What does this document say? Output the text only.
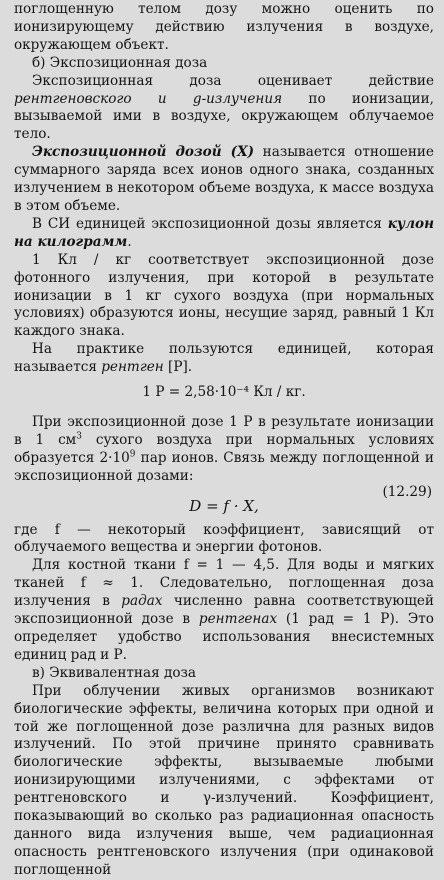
поглощенную телом дозу можно оценить по ионизирующему действию излучения в воздухе, окружающем объект.

б) Экспозиционная доза

Экспозиционная доза оценивает действие рентгеновского и g-излучения по ионизации, вызываемой ими в воздухе, окружающем облучаемое тело.

Экспозиционной дозой (X) называется отношение суммарного заряда всех ионов одного знака, созданных излучением в некотором объеме воздуха, к массе воздуха в этом объеме.

В СИ единицей экспозиционной дозы является кулон на килограмм.

1 Кл / кг соответствует экспозиционной дозе фотонного излучения, при которой в результате ионизации в 1 кг сухого воздуха (при нормальных условиях) образуются ионы, несущие заряд, равный 1 Кл каждого знака.

На практике пользуются единицей, которая называется рентген [Р].

1 Р = 2,58·10⁻⁴ Кл / кг.

При экспозиционной дозе 1 Р в результате ионизации в 1 $см^3$ сухого воздуха при нормальных условиях образуется $2\cdot 10^9$ пар ионов. Связь между поглощенной и экспозиционной дозами:

(12.29)
D = f · X,

где f — некоторый коэффициент, зависящий от облучаемого вещества и энергии фотонов.

Для костной ткани f = 1 — 4,5. Для воды и мягких тканей f ≈ 1. Следовательно, поглощенная доза излучения в радах численно равна соответствующей экспозиционной дозе в рентгенах (1 рад = 1 Р). Это определяет удобство использования внесистемных единиц рад и Р.

в) Эквивалентная доза

При облучении живых организмов возникают биологические эффекты, величина которых при одной и той же поглощенной дозе различна для разных видов излучений. По этой причине принято сравнивать биологические эффекты, вызываемые любыми ионизирующими излучениями, с эффектами от рентгеновского и γ-излучений. Коэффициент, показывающий во сколько раз радиационная опасность данного вида излучения выше, чем радиационная опасность рентгеновского излучения (при одинаковой поглощенной
